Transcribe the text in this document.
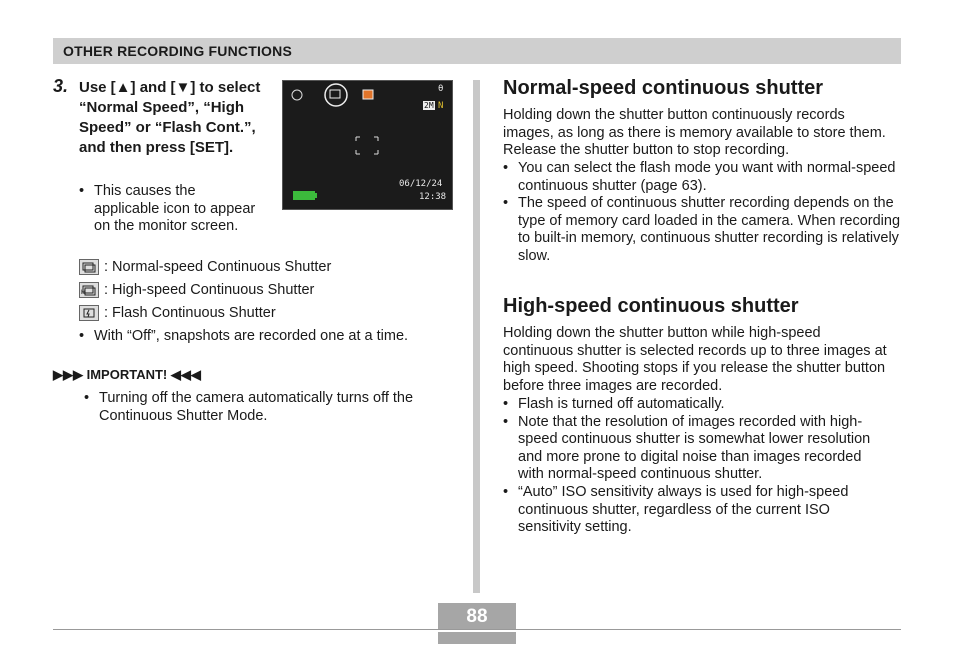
OTHER RECORDING FUNCTIONS
3. Use [▲] and [▼] to select “Normal Speed”, “High Speed” or “Flash Cont.”, and then press [SET].
• This causes the applicable icon to appear on the monitor screen.
θ
2M N
06/12/24
12:38
: Normal-speed Continuous Shutter
H : High-speed Continuous Shutter
: Flash Continuous Shutter
• With “Off”, snapshots are recorded one at a time.
▶▶▶ IMPORTANT! ◀◀◀
• Turning off the camera automatically turns off the Continuous Shutter Mode.
Normal-speed continuous shutter
Holding down the shutter button continuously records images, as long as there is memory available to store them. Release the shutter button to stop recording.
• You can select the flash mode you want with normal-speed continuous shutter (page 63).
• The speed of continuous shutter recording depends on the type of memory card loaded in the camera. When recording to built-in memory, continuous shutter recording is relatively slow.
High-speed continuous shutter
Holding down the shutter button while high-speed continuous shutter is selected records up to three images at high speed. Shooting stops if you release the shutter button before three images are recorded.
• Flash is turned off automatically.
• Note that the resolution of images recorded with high-speed continuous shutter is somewhat lower resolution and more prone to digital noise than images recorded with normal-speed continuous shutter.
• “Auto” ISO sensitivity always is used for high-speed continuous shutter, regardless of the current ISO sensitivity setting.
88
